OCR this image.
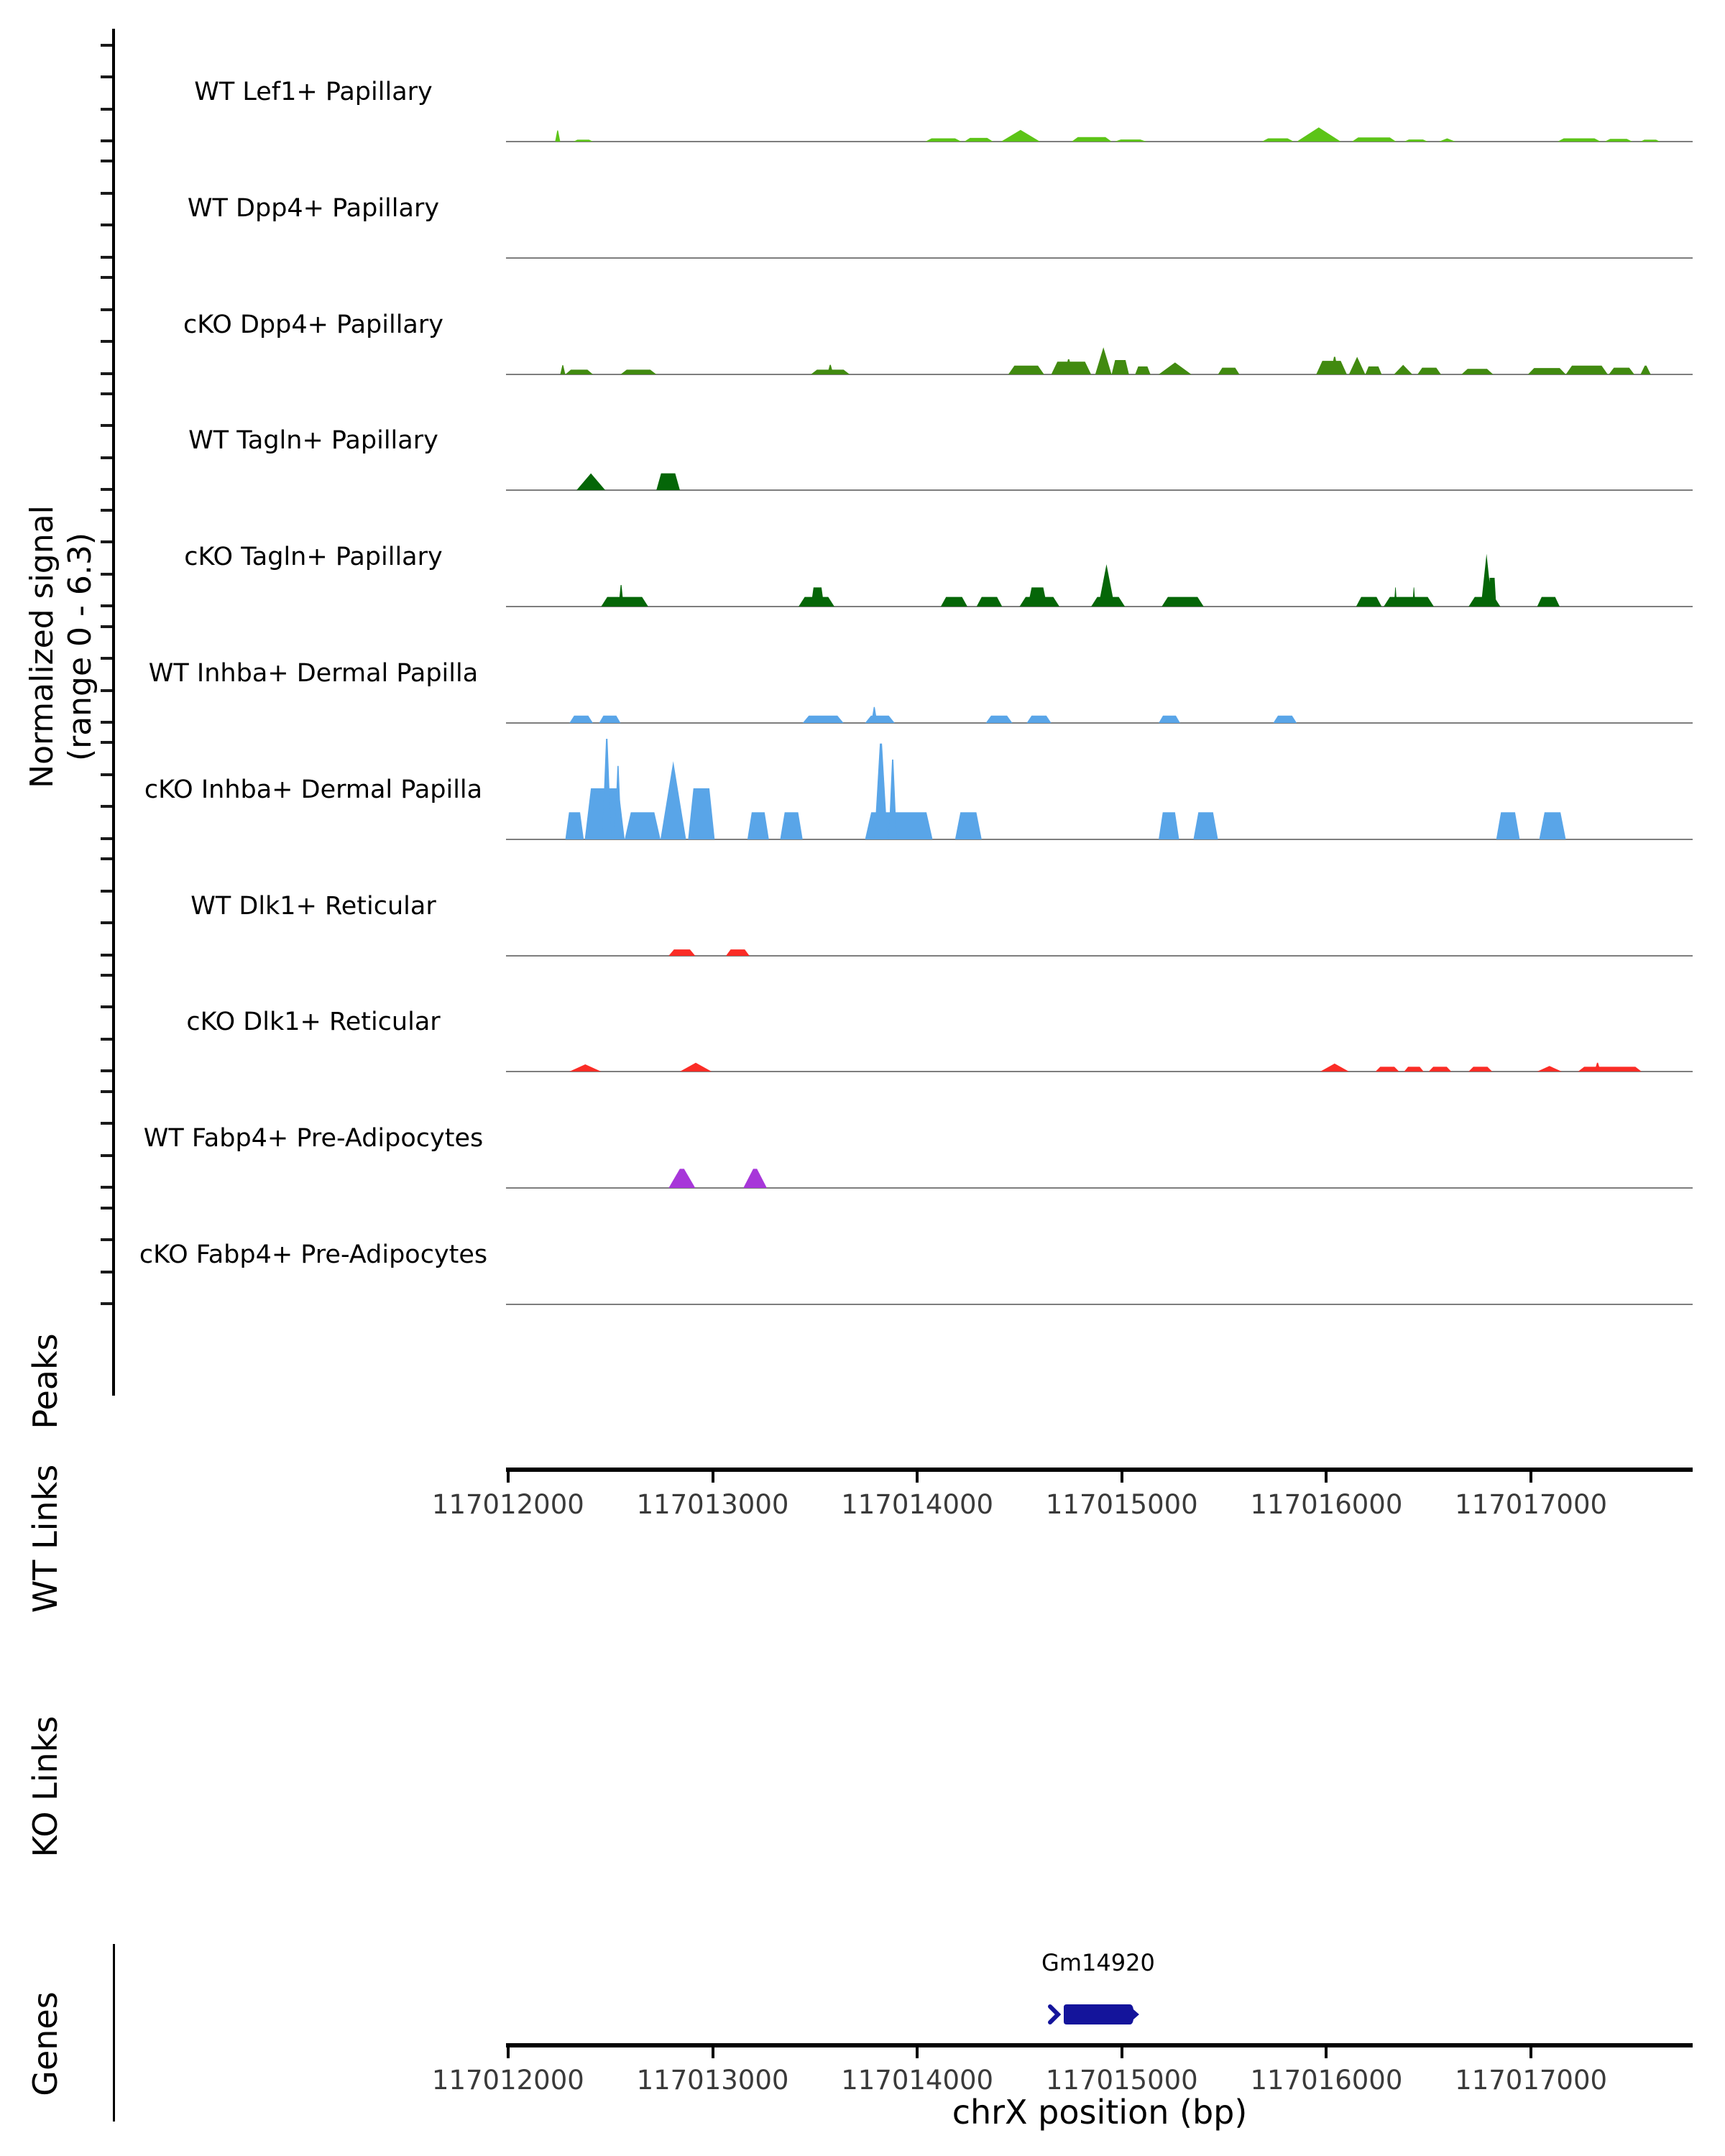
Normalized signal (range 0 - 6.3)
WT Lef1+ Papillary
WT Dpp4+ Papillary
cKO Dpp4+ Papillary
WT Tagln+ Papillary
cKO Tagln+ Papillary
WT Inhba+ Dermal Papilla
cKO Inhba+ Dermal Papilla
WT Dlk1+ Reticular
cKO Dlk1+ Reticular
WT Fabp4+ Pre-Adipocytes
cKO Fabp4+ Pre-Adipocytes
Peaks
WT Links
KO Links
Genes
117012000	117013000	117014000	117015000	117016000	117017000
Gm14920
117012000	117013000	117014000	117015000	117016000	117017000
chrX position (bp)
